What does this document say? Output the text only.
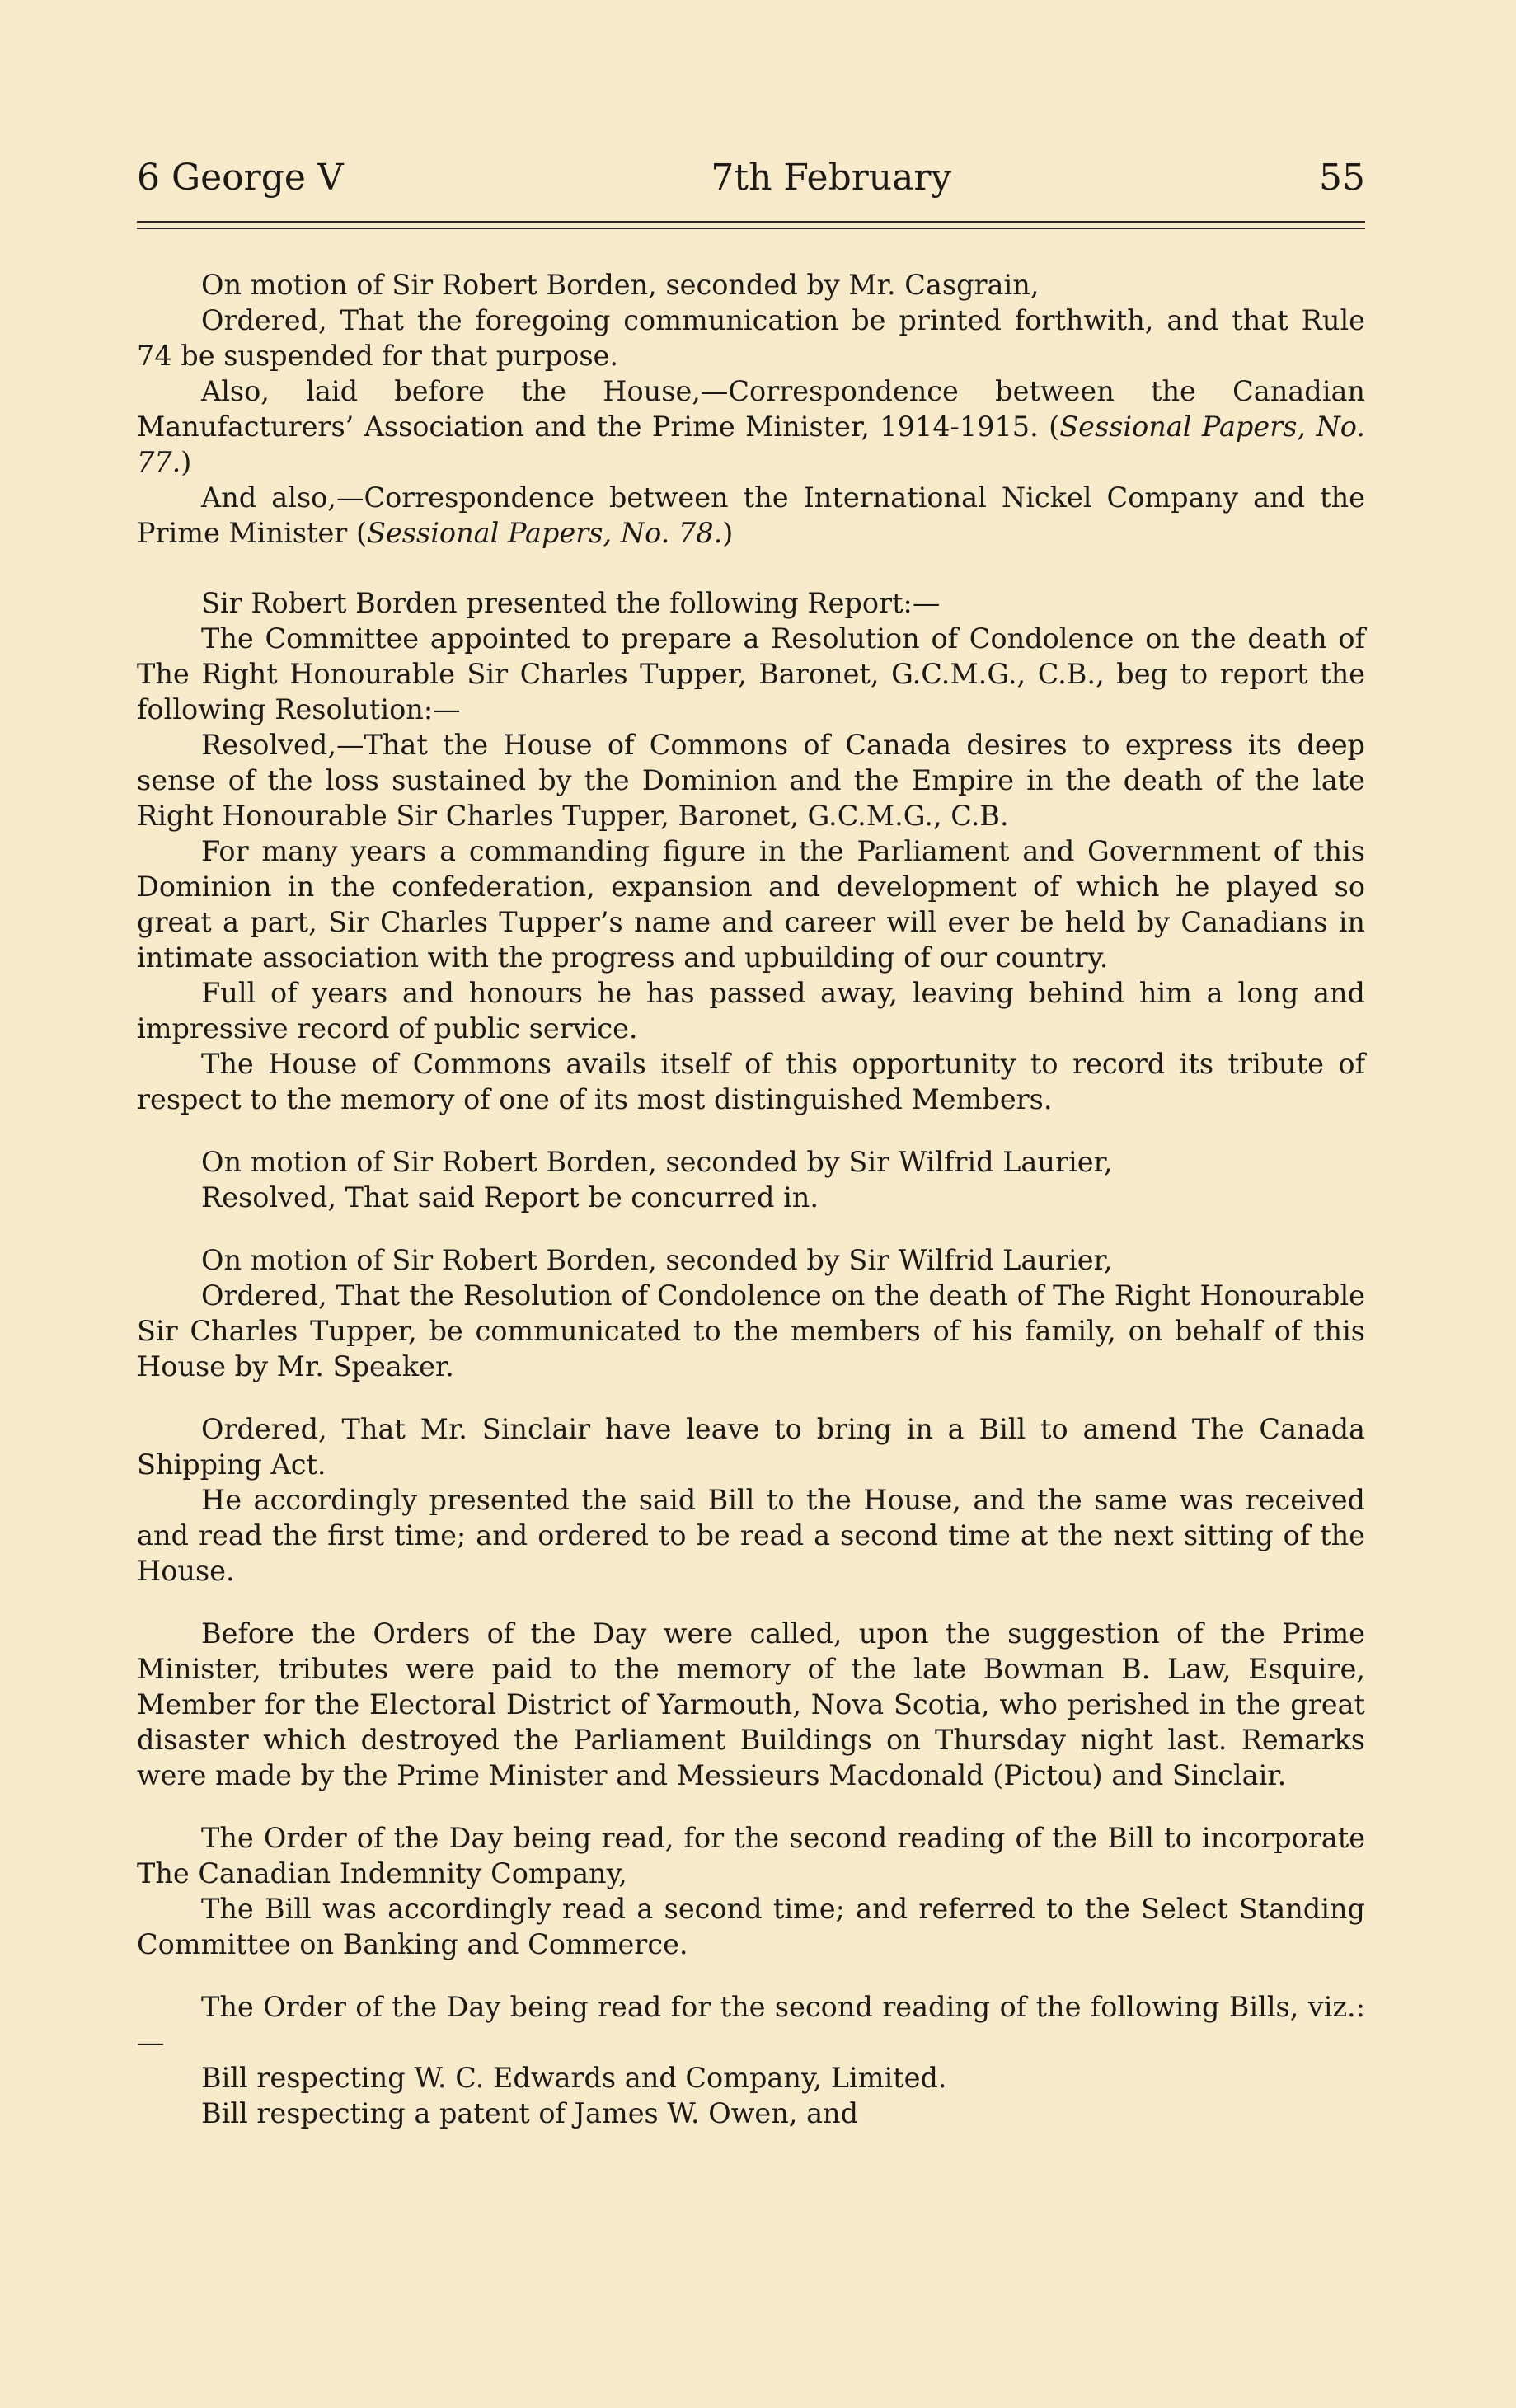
6 George V	7th February	55

On motion of Sir Robert Borden, seconded by Mr. Casgrain,

Ordered, That the foregoing communication be printed forthwith, and that Rule 74 be suspended for that purpose.

Also, laid before the House,—Correspondence between the Canadian Manufacturers’ Association and the Prime Minister, 1914-1915. (Sessional Papers, No. 77.)

And also,—Correspondence between the International Nickel Company and the Prime Minister (Sessional Papers, No. 78.)

Sir Robert Borden presented the following Report:—

The Committee appointed to prepare a Resolution of Condolence on the death of The Right Honourable Sir Charles Tupper, Baronet, G.C.M.G., C.B., beg to report the following Resolution:—

Resolved,—That the House of Commons of Canada desires to express its deep sense of the loss sustained by the Dominion and the Empire in the death of the late Right Honourable Sir Charles Tupper, Baronet, G.C.M.G., C.B.

For many years a commanding figure in the Parliament and Government of this Dominion in the confederation, expansion and development of which he played so great a part, Sir Charles Tupper’s name and career will ever be held by Canadians in intimate association with the progress and upbuilding of our country.

Full of years and honours he has passed away, leaving behind him a long and impressive record of public service.

The House of Commons avails itself of this opportunity to record its tribute of respect to the memory of one of its most distinguished Members.

On motion of Sir Robert Borden, seconded by Sir Wilfrid Laurier,

Resolved, That said Report be concurred in.

On motion of Sir Robert Borden, seconded by Sir Wilfrid Laurier,

Ordered, That the Resolution of Condolence on the death of The Right Honourable Sir Charles Tupper, be communicated to the members of his family, on behalf of this House by Mr. Speaker.

Ordered, That Mr. Sinclair have leave to bring in a Bill to amend The Canada Shipping Act.

He accordingly presented the said Bill to the House, and the same was received and read the first time; and ordered to be read a second time at the next sitting of the House.

Before the Orders of the Day were called, upon the suggestion of the Prime Minister, tributes were paid to the memory of the late Bowman B. Law, Esquire, Member for the Electoral District of Yarmouth, Nova Scotia, who perished in the great disaster which destroyed the Parliament Buildings on Thursday night last. Remarks were made by the Prime Minister and Messieurs Macdonald (Pictou) and Sinclair.

The Order of the Day being read, for the second reading of the Bill to incorporate The Canadian Indemnity Company,

The Bill was accordingly read a second time; and referred to the Select Standing Committee on Banking and Commerce.

The Order of the Day being read for the second reading of the following Bills, viz.:—

Bill respecting W. C. Edwards and Company, Limited.

Bill respecting a patent of James W. Owen, and
